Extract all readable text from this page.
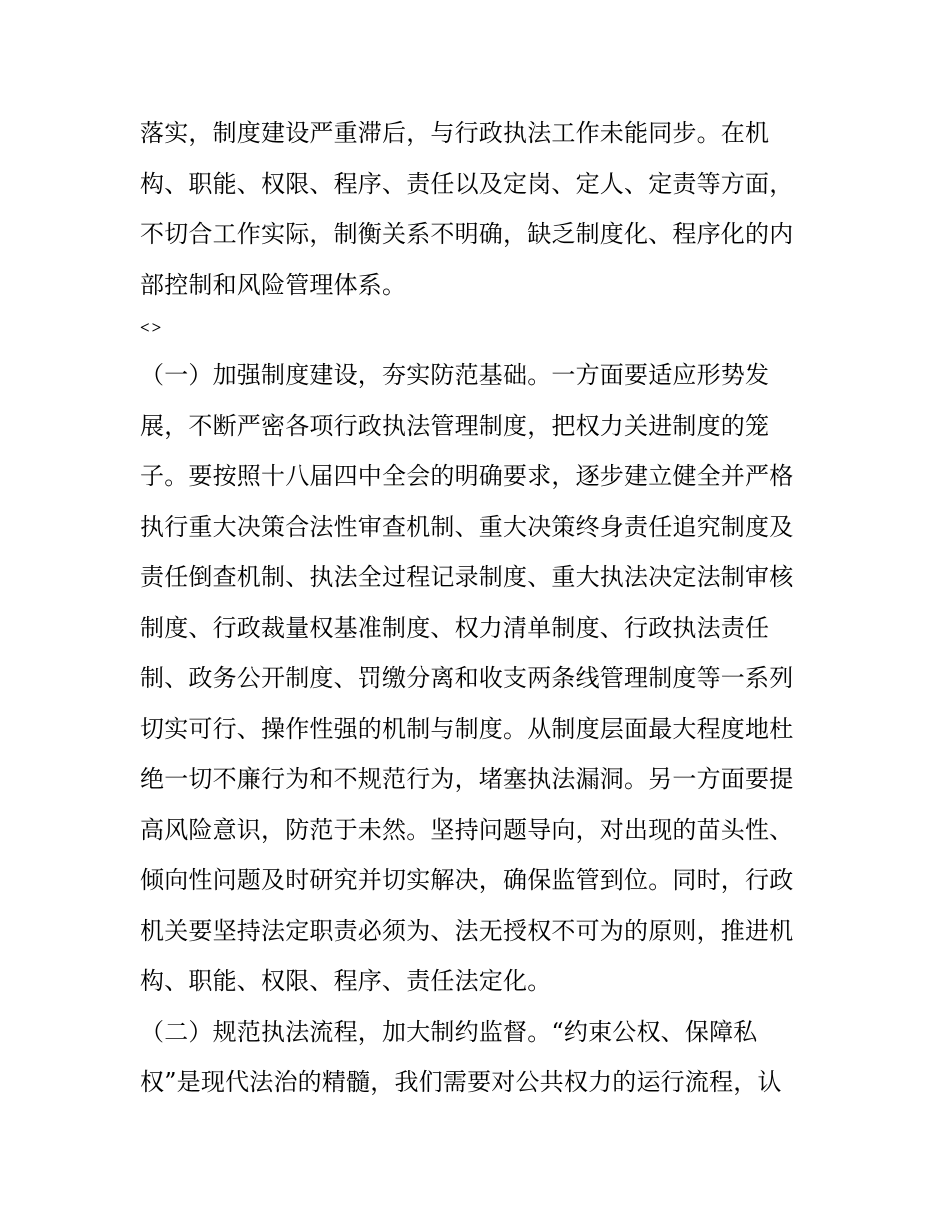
落实，制度建设严重滞后，与行政执法工作未能同步。在机
构、职能、权限、程序、责任以及定岗、定人、定责等方面，
不切合工作实际，制衡关系不明确，缺乏制度化、程序化的内
部控制和风险管理体系。
<>
（一）加强制度建设，夯实防范基础。一方面要适应形势发
展，不断严密各项行政执法管理制度，把权力关进制度的笼
子。要按照十八届四中全会的明确要求，逐步建立健全并严格
执行重大决策合法性审查机制、重大决策终身责任追究制度及
责任倒查机制、执法全过程记录制度、重大执法决定法制审核
制度、行政裁量权基准制度、权力清单制度、行政执法责任
制、政务公开制度、罚缴分离和收支两条线管理制度等一系列
切实可行、操作性强的机制与制度。从制度层面最大程度地杜
绝一切不廉行为和不规范行为，堵塞执法漏洞。另一方面要提
高风险意识，防范于未然。坚持问题导向，对出现的苗头性、
倾向性问题及时研究并切实解决，确保监管到位。同时，行政
机关要坚持法定职责必须为、法无授权不可为的原则，推进机
构、职能、权限、程序、责任法定化。
（二）规范执法流程，加大制约监督。“约束公权、保障私
权”是现代法治的精髓，我们需要对公共权力的运行流程，认
